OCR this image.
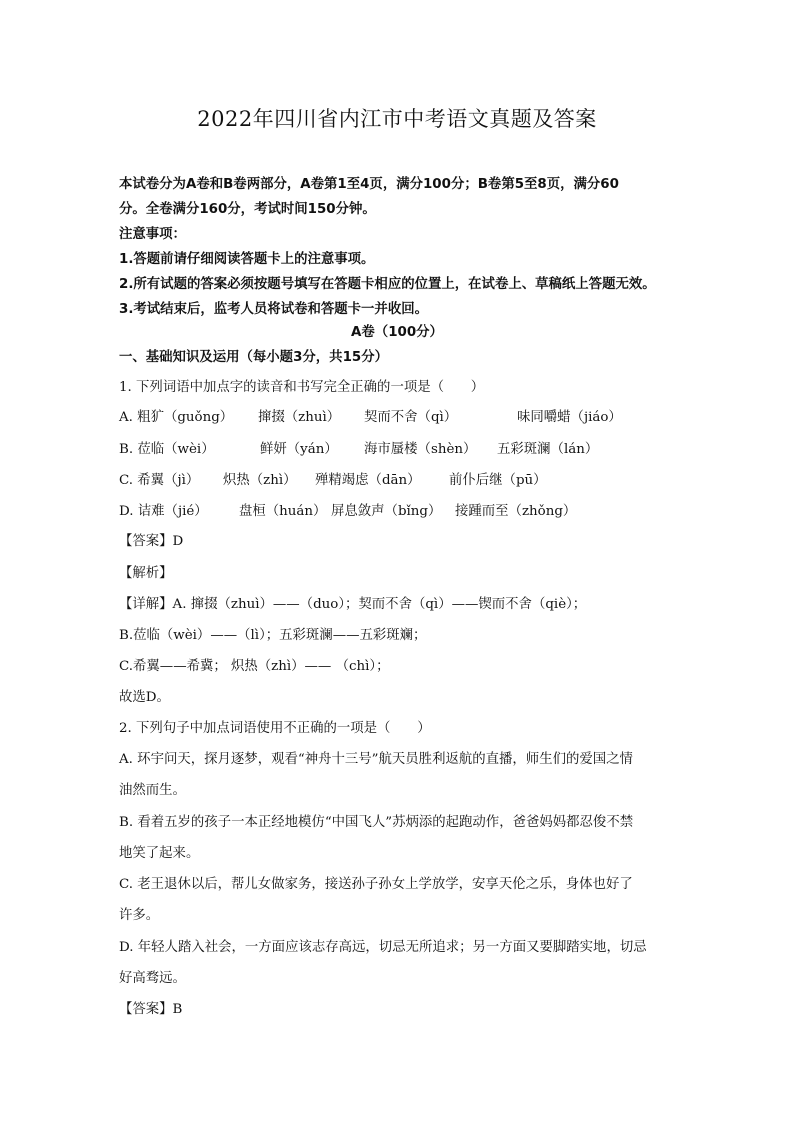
2022年四川省内江市中考语文真题及答案
本试卷分为A卷和B卷两部分，A卷第1至4页，满分100分；B卷第5至8页，满分60
分。全卷满分160分，考试时间150分钟。
注意事项：
1.答题前请仔细阅读答题卡上的注意事项。
2.所有试题的答案必须按题号填写在答题卡相应的位置上，在试卷上、草稿纸上答题无效。
3.考试结束后，监考人员将试卷和答题卡一并收回。
A卷（100分）
一、基础知识及运用（每小题3分，共15分）
1. 下列词语中加点字的读音和书写完全正确的一项是（　　）
A. 粗犷（guǒng） 撺掇（zhuì） 契而不舍（qì）	味同嚼蜡（jiáo）
B. 莅临（wèi）	鲜妍（yán） 海市蜃楼（shèn） 五彩斑澜（lán）
C. 希翼（jì） 炽热（zhì） 殚精竭虑（dān） 前仆后继（pū）
D. 诘难（jié） 盘桓（huán） 屏息敛声（bǐng） 接踵而至（zhǒng）
【答案】D
【解析】
【详解】A. 撺掇（zhuì）——（duo）；契而不舍（qì）——锲而不舍（qiè）；
B.莅临（wèi）——（lì）；五彩斑澜——五彩斑斓；
C.希翼——希冀； 炽热（zhì）—— （chì）；
故选D。
2. 下列句子中加点词语使用不正确的一项是（　　）
A. 环宇问天，探月逐梦，观看“神舟十三号”航天员胜利返航的直播，师生们的爱国之情
油然而生。
B. 看着五岁的孩子一本正经地模仿“中国飞人”苏炳添的起跑动作，爸爸妈妈都忍俊不禁
地笑了起来。
C. 老王退休以后，帮儿女做家务，接送孙子孙女上学放学，安享天伦之乐，身体也好了
许多。
D. 年轻人踏入社会，一方面应该志存高远，切忌无所追求；另一方面又要脚踏实地，切忌
好高骛远。
【答案】B
